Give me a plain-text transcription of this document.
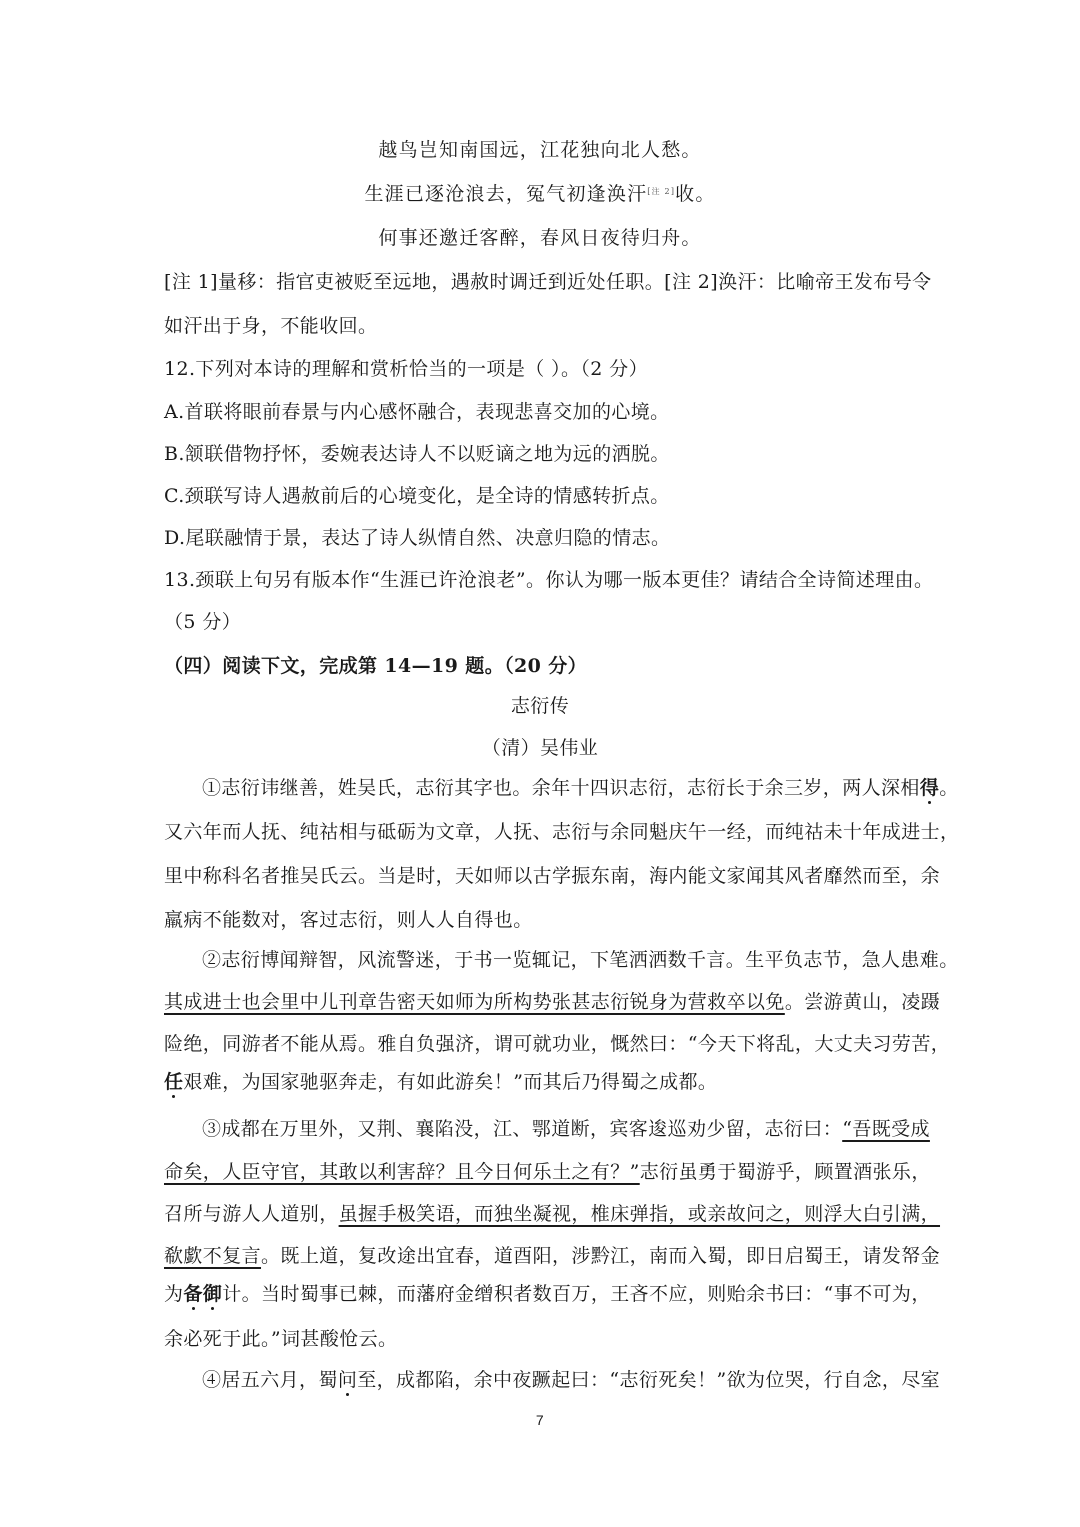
越鸟岂知南国远，江花独向北人愁。
生涯已逐沧浪去，冤气初逢涣汗[注 2]收。
何事还邀迁客醉，春风日夜待归舟。
[注 1]量移：指官吏被贬至远地，遇赦时调迁到近处任职。[注 2]涣汗：比喻帝王发布号令
如汗出于身，不能收回。
12.下列对本诗的理解和赏析恰当的一项是（ ）。（2 分）
A.首联将眼前春景与内心感怀融合，表现悲喜交加的心境。
B.颔联借物抒怀，委婉表达诗人不以贬谪之地为远的洒脱。
C.颈联写诗人遇赦前后的心境变化，是全诗的情感转折点。
D.尾联融情于景，表达了诗人纵情自然、决意归隐的情志。
13.颈联上句另有版本作“生涯已许沧浪老”。你认为哪一版本更佳？请结合全诗简述理由。
（5 分）
（四）阅读下文，完成第 14—19 题。（20 分）
志衍传
（清）吴伟业
①志衍讳继善，姓吴氏，志衍其字也。余年十四识志衍，志衍长于余三岁，两人深相得。
又六年而人抚、纯祜相与砥砺为文章，人抚、志衍与余同魁庆午一经，而纯祜未十年成进士，
里中称科名者推吴氏云。当是时，天如师以古学振东南，海内能文家闻其风者靡然而至，余
羸病不能数对，客过志衍，则人人自得也。
②志衍博闻辩智，风流警迷，于书一览辄记，下笔洒洒数千言。生平负志节，急人患难。
其成进士也会里中儿刊章告密天如师为所构势张甚志衍锐身为营救卒以免。尝游黄山，凌蹑
险绝，同游者不能从焉。雅自负强济，谓可就功业，慨然曰：“今天下将乱，大丈夫习劳苦，
任艰难，为国家驰驱奔走，有如此游矣！”而其后乃得蜀之成都。
③成都在万里外，又荆、襄陷没，江、鄂道断，宾客逡巡劝少留，志衍曰：“吾既受成
命矣，人臣守官，其敢以利害辞？且今日何乐土之有？”志衍虽勇于蜀游乎，顾置酒张乐，
召所与游人人道别，虽握手极笑语，而独坐凝视，椎床弹指，或亲故问之，则浮大白引满，
欷歔不复言。既上道，复改途出宜春，道酉阳，涉黔江，南而入蜀，即日启蜀王，请发帑金
为备御计。当时蜀事已棘，而藩府金缯积者数百万，王吝不应，则贻余书曰：“事不可为，
余必死于此。”词甚酸怆云。
④居五六月，蜀问至，成都陷，余中夜蹶起曰：“志衍死矣！”欲为位哭，行自念，尽室
7
